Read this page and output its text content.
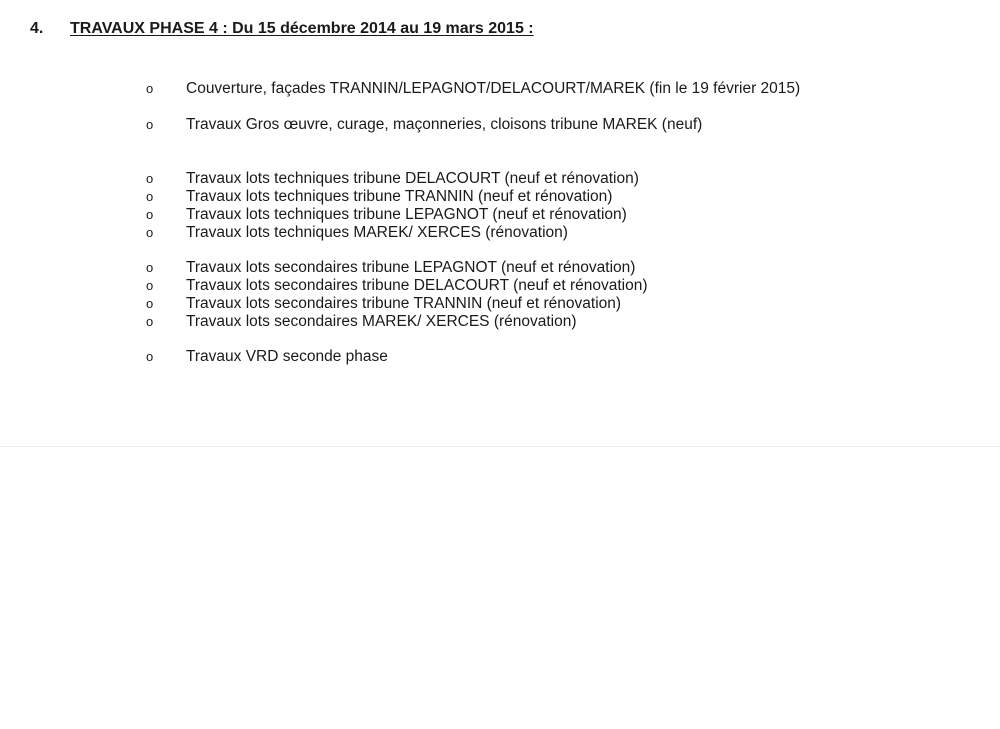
4. TRAVAUX PHASE 4 : Du 15 décembre 2014 au 19 mars 2015 :
o Couverture, façades TRANNIN/LEPAGNOT/DELACOURT/MAREK (fin le 19 février 2015)
o Travaux Gros œuvre, curage, maçonneries, cloisons tribune MAREK (neuf)
o Travaux lots techniques tribune DELACOURT (neuf et rénovation)
o Travaux lots techniques tribune TRANNIN (neuf et rénovation)
o Travaux lots techniques tribune LEPAGNOT (neuf et rénovation)
o Travaux lots techniques MAREK/ XERCES (rénovation)
o Travaux lots secondaires tribune LEPAGNOT (neuf et rénovation)
o Travaux lots secondaires tribune DELACOURT (neuf et rénovation)
o Travaux lots secondaires tribune TRANNIN (neuf et rénovation)
o Travaux lots secondaires MAREK/ XERCES (rénovation)
o Travaux VRD seconde phase
